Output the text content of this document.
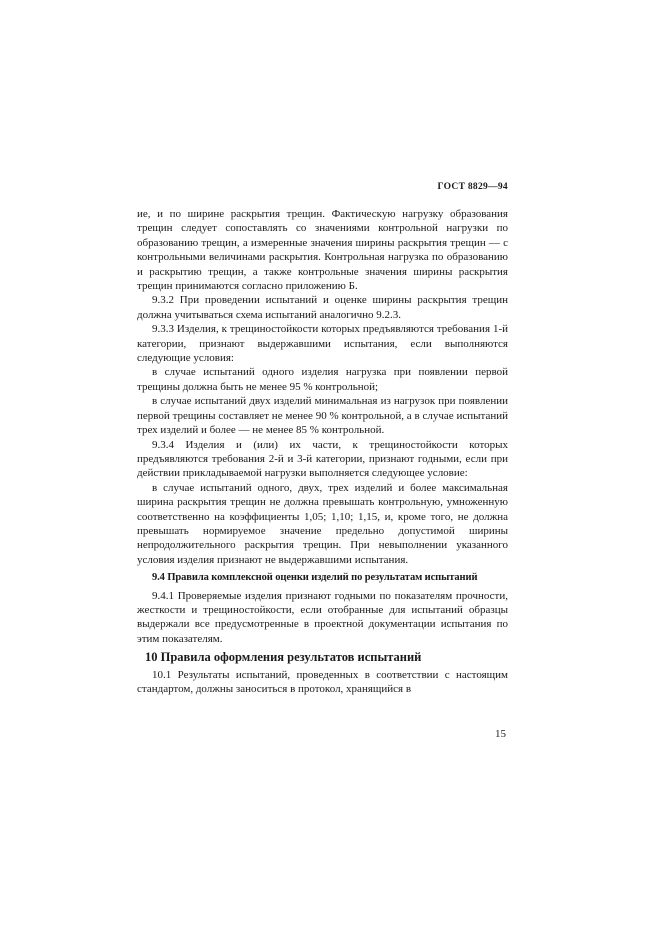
ГОСТ 8829—94

ие, и по ширине раскрытия трещин. Фактическую нагрузку образования трещин следует сопоставлять со значениями контрольной нагрузки по образованию трещин, а измеренные значения ширины раскрытия трещин — с контрольными величинами раскрытия. Контрольная нагрузка по образованию и раскрытию трещин, а также контрольные значения ширины раскрытия трещин принимаются согласно приложению Б.

9.3.2 При проведении испытаний и оценке ширины раскрытия трещин должна учитываться схема испытаний аналогично 9.2.3.

9.3.3 Изделия, к трещиностойкости которых предъявляются требования 1-й категории, признают выдержавшими испытания, если выполняются следующие условия:

в случае испытаний одного изделия нагрузка при появлении первой трещины должна быть не менее 95 % контрольной;

в случае испытаний двух изделий минимальная из нагрузок при появлении первой трещины составляет не менее 90 % контрольной, а в случае испытаний трех изделий и более — не менее 85 % контрольной.

9.3.4 Изделия и (или) их части, к трещиностойкости которых предъявляются требования 2-й и 3-й категории, признают годными, если при действии прикладываемой нагрузки выполняется следующее условие:

в случае испытаний одного, двух, трех изделий и более максимальная ширина раскрытия трещин не должна превышать контрольную, умноженную соответственно на коэффициенты 1,05; 1,10; 1,15, и, кроме того, не должна превышать нормируемое значение предельно допустимой ширины непродолжительного раскрытия трещин. При невыполнении указанного условия изделия признают не выдержавшими испытания.

9.4 Правила комплексной оценки изделий по результатам испытаний

9.4.1 Проверяемые изделия признают годными по показателям прочности, жесткости и трещиностойкости, если отобранные для испытаний образцы выдержали все предусмотренные в проектной документации испытания по этим показателям.

10 Правила оформления результатов испытаний

10.1 Результаты испытаний, проведенных в соответствии с настоящим стандартом, должны заноситься в протокол, хранящийся в

15
